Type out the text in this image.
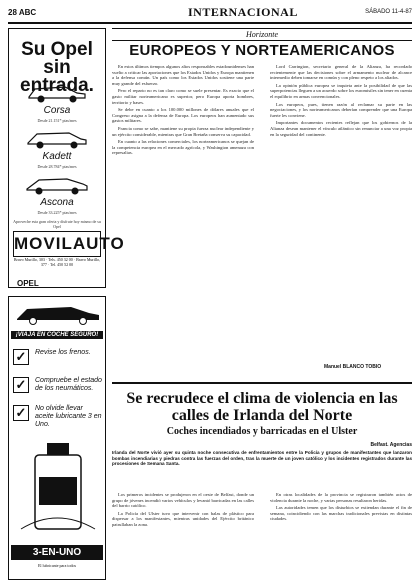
28 ABC	INTERNACIONAL	SÁBADO 11-4-87
Su Opel sin entrada.
Corsa
Desde 21.151* ptas/mes
Kadett
Desde 28.784* ptas/mes
Ascona
Desde 33.225* ptas/mes
Aproveche esta gran oferta y disfrute hoy mismo de su Opel
MOVILAUTO
Bravo Murillo, 303 · Tels. 450 32 00 · Bravo Murillo, 377 · Tel. 450 52 00
OPEL
¡VIAJA EN COCHE SEGURO!
✓	Revise los frenos.
✓	Compruebe el estado de los neumáticos.
✓	No olvide llevar aceite lubricante 3 en Uno.
3-EN-UNO
El lubricante para todos
Horizonte
EUROPEOS Y NORTEAMERICANOS

En estos últimos tiempos algunos altos responsables estadounidenses han vuelto a criticar las aportaciones que los Estados Unidos y Europa mantienen a la defensa común. Un país como los Estados Unidos sostiene una parte muy grande del esfuerzo.

Pero el reparto no es tan claro como se suele presentar. Es exacto que el gasto militar norteamericano es superior, pero Europa aporta hombres, territorio y bases.

Se debe en cuanto a los 100.000 millones de dólares anuales que el Congreso asigna a la defensa de Europa. Los europeos han aumentado sus gastos militares.

Francia como se sabe, mantiene su propia fuerza nuclear independiente y un ejército considerable, mientras que Gran Bretaña conserva su capacidad.

En cuanto a las relaciones comerciales, los norteamericanos se quejan de la competencia europea en el mercado agrícola, y Washington amenaza con represalias.

Lord Carrington, secretario general de la Alianza, ha recordado recientemente que las decisiones sobre el armamento nuclear de alcance intermedio deben tomarse en común y con pleno respeto a los aliados.

La opinión pública europea se inquieta ante la posibilidad de que las superpotencias lleguen a un acuerdo sobre los euromisiles sin tener en cuenta el equilibrio en armas convencionales.

Los europeos, pues, tienen razón al reclamar su parte en las negociaciones, y los norteamericanos deberían comprender que una Europa fuerte les conviene.

Importantes documentos recientes reflejan que los gobiernos de la Alianza desean mantener el vínculo atlántico sin renunciar a una voz propia en la seguridad del continente.

Manuel BLANCO TOBIO
Se recrudece el clima de violencia en las calles de Irlanda del Norte
Coches incendiados y barricadas en el Ulster
Belfast. Agencias
Irlanda del Norte vivió ayer su quinta noche consecutiva de enfrentamientos entre la Policía y grupos de manifestantes que lanzaron bombas incendiarias y piedras contra las fuerzas del orden, tras la muerte de un joven católico y los incidentes registrados durante las procesiones de Semana Santa.

Los primeros incidentes se produjeron en el oeste de Belfast, donde un grupo de jóvenes incendió varios vehículos y levantó barricadas en las calles del barrio católico.

La Policía del Ulster tuvo que intervenir con balas de plástico para dispersar a los manifestantes, mientras unidades del Ejército británico patrullaban la zona.

En otras localidades de la provincia se registraron también actos de violencia durante la noche, y varias personas resultaron heridas.

Las autoridades temen que los disturbios se extiendan durante el fin de semana, coincidiendo con las marchas tradicionales previstas en distintas ciudades.
